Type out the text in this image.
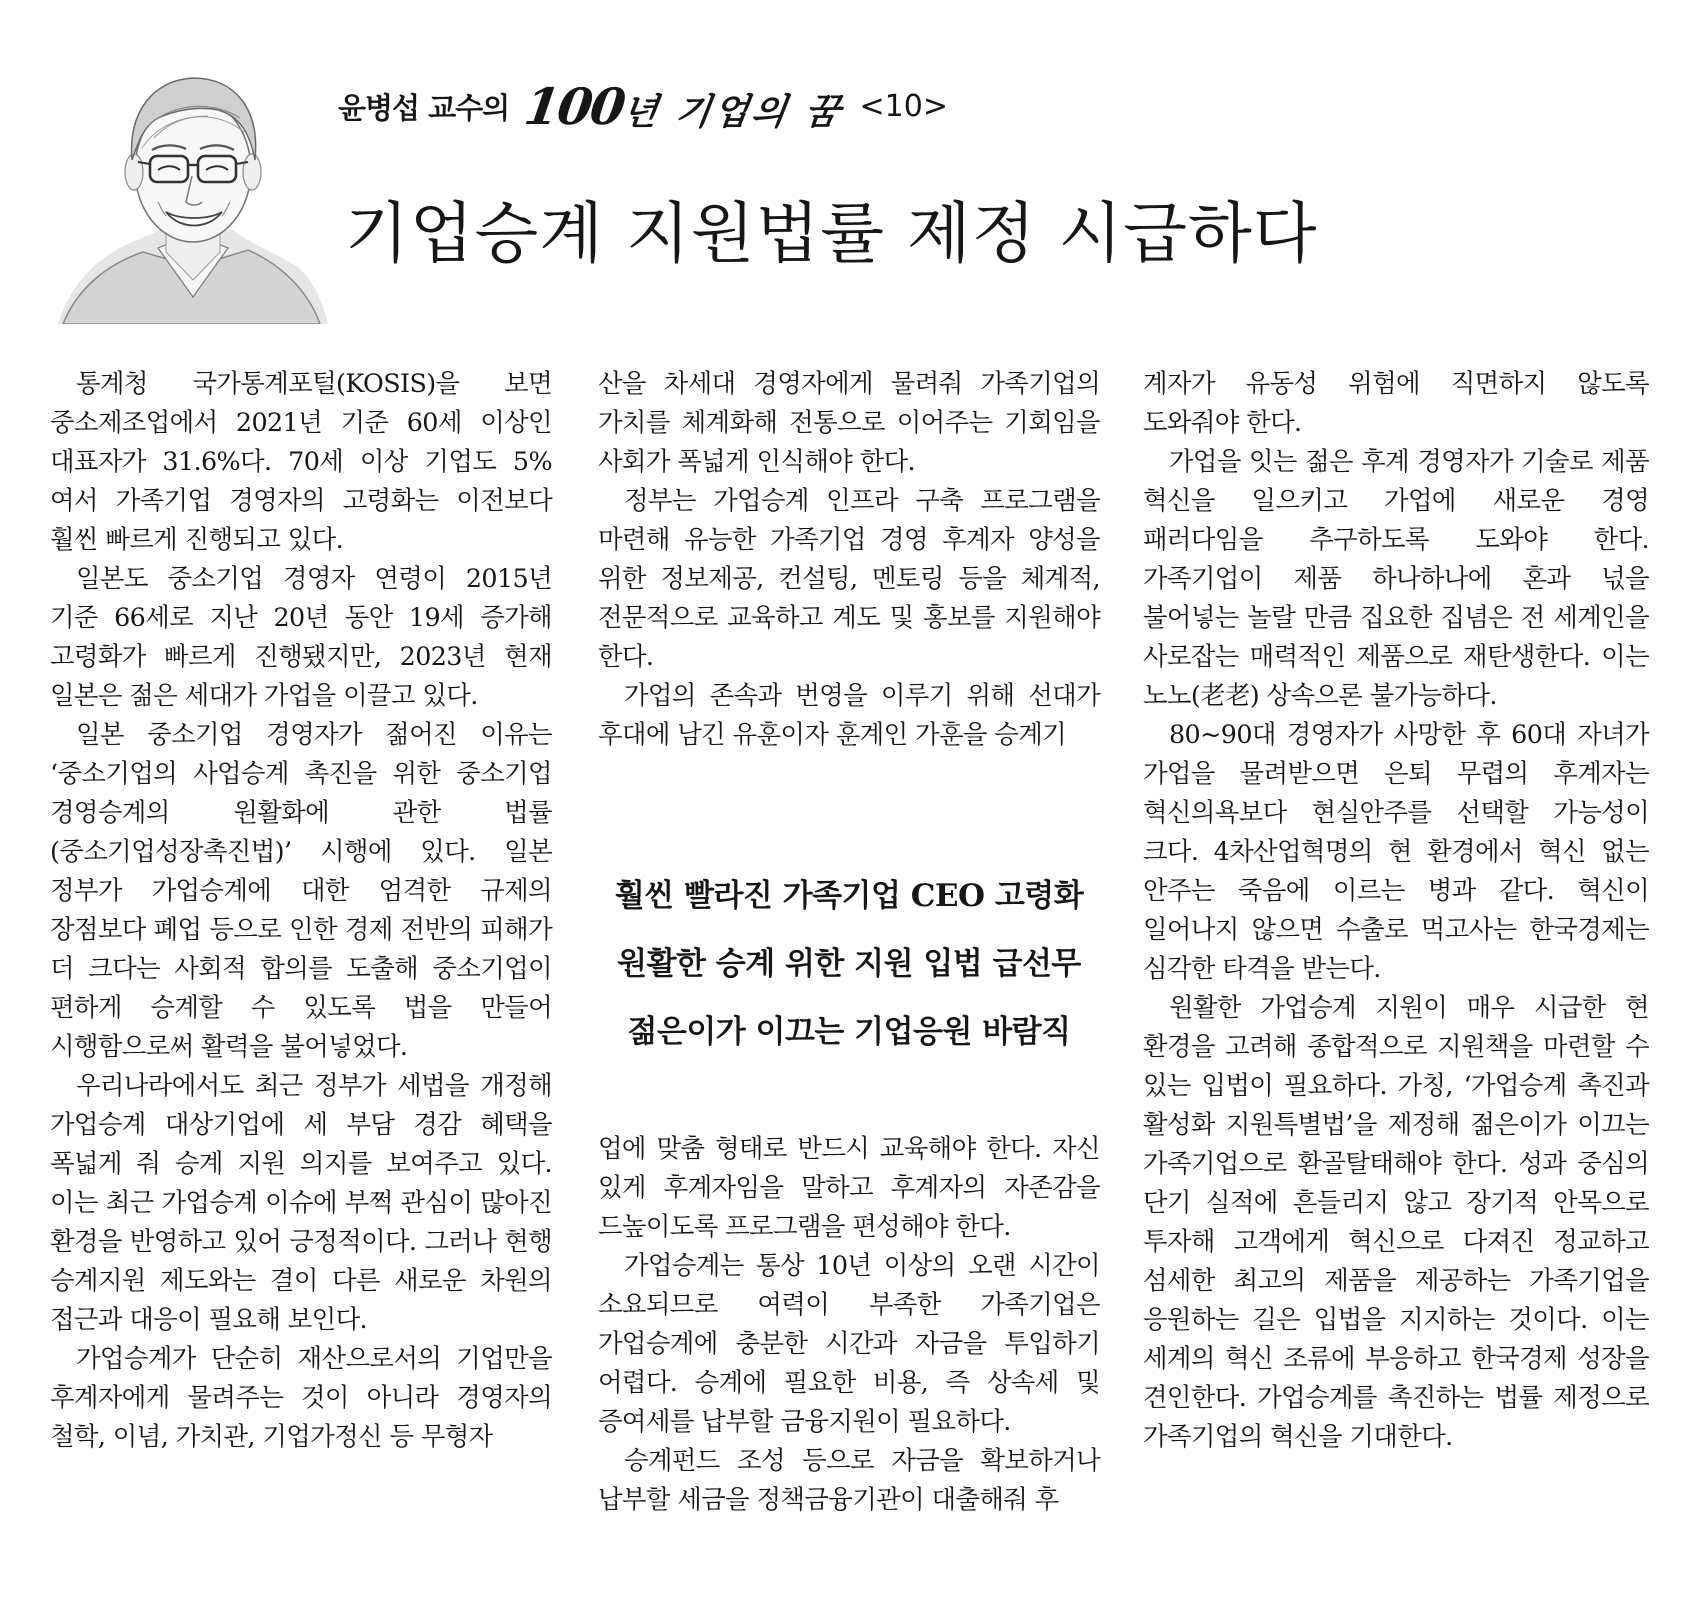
윤병섭 교수의 100년 기업의 꿈 <10>
기업승계 지원법률 제정 시급하다

통계청 국가통계포털(KOSIS)을 보면 중소제조업에서 2021년 기준 60세 이상인 대표자가 31.6%다. 70세 이상 기업도 5%여서 가족기업 경영자의 고령화는 이전보다 훨씬 빠르게 진행되고 있다.

일본도 중소기업 경영자 연령이 2015년 기준 66세로 지난 20년 동안 19세 증가해 고령화가 빠르게 진행됐지만, 2023년 현재 일본은 젊은 세대가 가업을 이끌고 있다.

일본 중소기업 경영자가 젊어진 이유는 ‘중소기업의 사업승계 촉진을 위한 중소기업 경영승계의 원활화에 관한 법률(중소기업성장촉진법)’ 시행에 있다. 일본 정부가 가업승계에 대한 엄격한 규제의 장점보다 폐업 등으로 인한 경제 전반의 피해가 더 크다는 사회적 합의를 도출해 중소기업이 편하게 승계할 수 있도록 법을 만들어 시행함으로써 활력을 불어넣었다.

우리나라에서도 최근 정부가 세법을 개정해 가업승계 대상기업에 세 부담 경감 혜택을 폭넓게 줘 승계 지원 의지를 보여주고 있다. 이는 최근 가업승계 이슈에 부쩍 관심이 많아진 환경을 반영하고 있어 긍정적이다. 그러나 현행 승계지원 제도와는 결이 다른 새로운 차원의 접근과 대응이 필요해 보인다.

가업승계가 단순히 재산으로서의 기업만을 후계자에게 물려주는 것이 아니라 경영자의 철학, 이념, 가치관, 기업가정신 등 무형자

산을 차세대 경영자에게 물려줘 가족기업의 가치를 체계화해 전통으로 이어주는 기회임을 사회가 폭넓게 인식해야 한다.

정부는 가업승계 인프라 구축 프로그램을 마련해 유능한 가족기업 경영 후계자 양성을 위한 정보제공, 컨설팅, 멘토링 등을 체계적, 전문적으로 교육하고 계도 및 홍보를 지원해야 한다.

가업의 존속과 번영을 이루기 위해 선대가 후대에 남긴 유훈이자 훈계인 가훈을 승계기

훨씬 빨라진 가족기업 CEO 고령화
원활한 승계 위한 지원 입법 급선무
젊은이가 이끄는 기업응원 바람직

업에 맞춤 형태로 반드시 교육해야 한다. 자신 있게 후계자임을 말하고 후계자의 자존감을 드높이도록 프로그램을 편성해야 한다.

가업승계는 통상 10년 이상의 오랜 시간이 소요되므로 여력이 부족한 가족기업은 가업승계에 충분한 시간과 자금을 투입하기 어렵다. 승계에 필요한 비용, 즉 상속세 및 증여세를 납부할 금융지원이 필요하다.

승계펀드 조성 등으로 자금을 확보하거나 납부할 세금을 정책금융기관이 대출해줘 후

계자가 유동성 위험에 직면하지 않도록 도와줘야 한다.

가업을 잇는 젊은 후계 경영자가 기술로 제품 혁신을 일으키고 가업에 새로운 경영 패러다임을 추구하도록 도와야 한다. 가족기업이 제품 하나하나에 혼과 넋을 불어넣는 놀랄 만큼 집요한 집념은 전 세계인을 사로잡는 매력적인 제품으로 재탄생한다. 이는 노노(老老) 상속으론 불가능하다.

80~90대 경영자가 사망한 후 60대 자녀가 가업을 물려받으면 은퇴 무렵의 후계자는 혁신의욕보다 현실안주를 선택할 가능성이 크다. 4차산업혁명의 현 환경에서 혁신 없는 안주는 죽음에 이르는 병과 같다. 혁신이 일어나지 않으면 수출로 먹고사는 한국경제는 심각한 타격을 받는다.

원활한 가업승계 지원이 매우 시급한 현 환경을 고려해 종합적으로 지원책을 마련할 수 있는 입법이 필요하다. 가칭, ‘가업승계 촉진과 활성화 지원특별법’을 제정해 젊은이가 이끄는 가족기업으로 환골탈태해야 한다. 성과 중심의 단기 실적에 흔들리지 않고 장기적 안목으로 투자해 고객에게 혁신으로 다져진 정교하고 섬세한 최고의 제품을 제공하는 가족기업을 응원하는 길은 입법을 지지하는 것이다. 이는 세계의 혁신 조류에 부응하고 한국경제 성장을 견인한다. 가업승계를 촉진하는 법률 제정으로 가족기업의 혁신을 기대한다.
